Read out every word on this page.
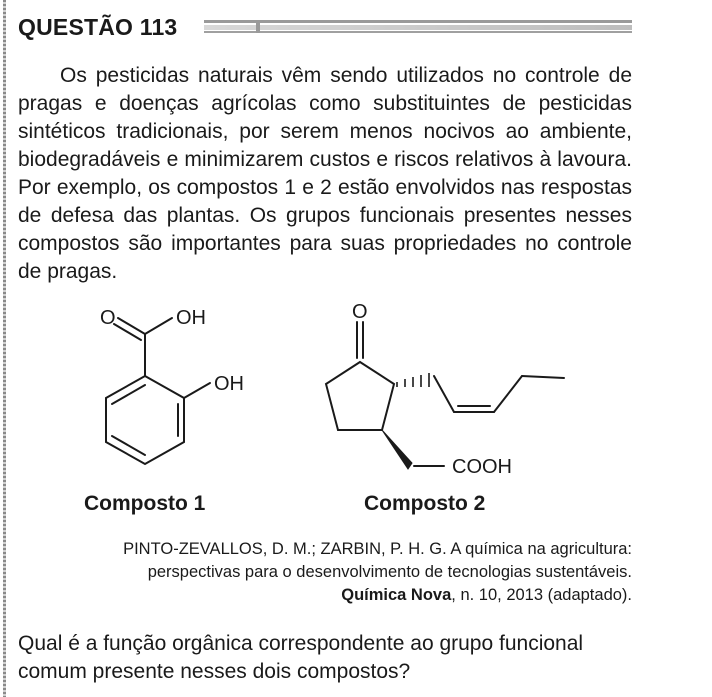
QUESTÃO 113
Os pesticidas naturais vêm sendo utilizados no controle de pragas e doenças agrícolas como substituintes de pesticidas sintéticos tradicionais, por serem menos nocivos ao ambiente, biodegradáveis e minimizarem custos e riscos relativos à lavoura. Por exemplo, os compostos 1 e 2 estão envolvidos nas respostas de defesa das plantas. Os grupos funcionais presentes nesses compostos são importantes para suas propriedades no controle de pragas.
O	OH
OH
O
COOH
Composto 1	Composto 2
PINTO-ZEVALLOS, D. M.; ZARBIN, P. H. G. A química na agricultura:
perspectivas para o desenvolvimento de tecnologias sustentáveis.
Química Nova, n. 10, 2013 (adaptado).
Qual é a função orgânica correspondente ao grupo funcional comum presente nesses dois compostos?
